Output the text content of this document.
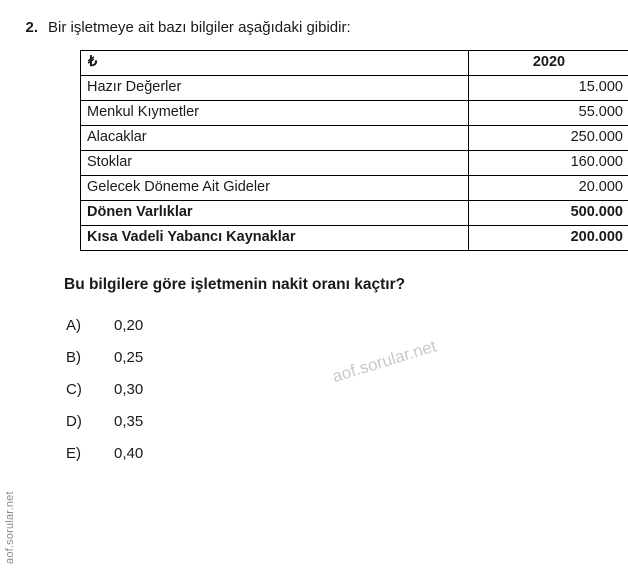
aof.sorular.net
2. Bir işletmeye ait bazı bilgiler aşağıdaki gibidir:
₺	2020
Hazır Değerler	15.000
Menkul Kıymetler	55.000
Alacaklar	250.000
Stoklar	160.000
Gelecek Döneme Ait Gideler	20.000
Dönen Varlıklar	500.000
Kısa Vadeli Yabancı Kaynaklar	200.000
Bu bilgilere göre işletmenin nakit oranı kaçtır?
A)	0,20
B)	0,25
C)	0,30
D)	0,35
E)	0,40
aof.sorular.net
